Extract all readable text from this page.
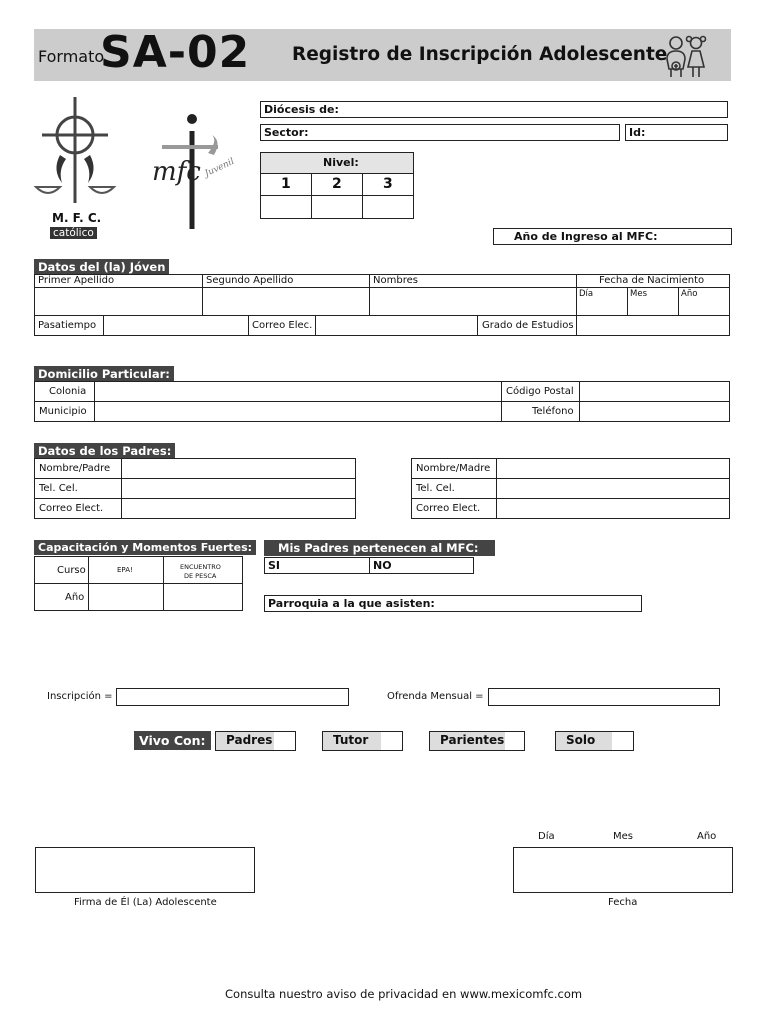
Formato
SA-02 Registro de Inscripción Adolescente
M. F. C.
católico
mfc Juvenil
Diócesis de:
Sector:	Id:
Nivel:
1	2	3
Año de Ingreso al MFC:
Datos del (la) Jóven
Primer Apellido	Segundo Apellido	Nombres	Fecha de Nacimiento
Día	Mes	Año
Pasatiempo	Correo Elec.	Grado de Estudios
Domicilio Particular:
Colonia	Código Postal
Municipio	Teléfono
Datos de los Padres:
Nombre/Padre
Tel. Cel.
Correo Elect.
Nombre/Madre
Tel. Cel.
Correo Elect.
Capacitación y Momentos Fuertes:
Curso	EPA!	ENCUENTRO
DE PESCA
Año
Mis Padres pertenecen al MFC:
SI	NO
Parroquia a la que asisten:
Inscripción =	Ofrenda Mensual =
Vivo Con:	Padres	Tutor	Parientes	Solo
Día	Mes	Año
Firma de Él (La) Adolescente	Fecha
Consulta nuestro aviso de privacidad en www.mexicomfc.com
